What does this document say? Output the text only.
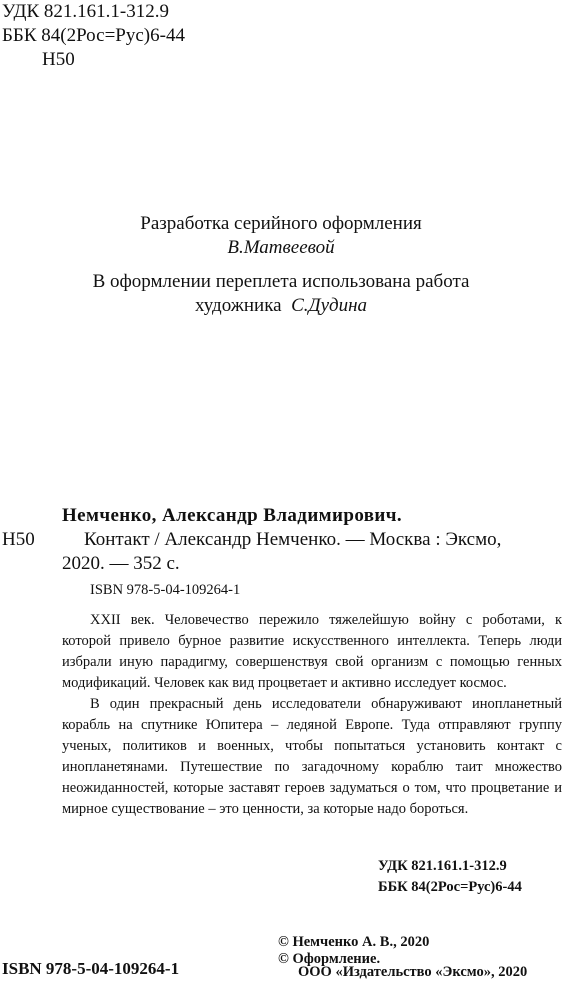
УДК 821.161.1-312.9
ББК 84(2Рос=Рус)6-44
Н50
Разработка серийного оформления
В.Матвеевой
В оформлении переплета использована работа
художника С.Дудина
Немченко, Александр Владимирович.
Н50	Контакт / Александр Немченко. — Москва : Эксмо,
2020. — 352 с.
ISBN 978-5-04-109264-1

XXII век. Человечество пережило тяжелейшую войну с роботами, к которой привело бурное развитие искусственного интеллекта. Теперь люди избрали иную парадигму, совершенствуя свой организм с помощью генных модификаций. Человек как вид процветает и активно исследует космос.

В один прекрасный день исследователи обнаруживают инопланетный корабль на спутнике Юпитера – ледяной Европе. Туда отправляют группу ученых, политиков и военных, чтобы попытаться установить контакт с инопланетянами. Путешествие по загадочному кораблю таит множество неожиданностей, которые заставят героев задуматься о том, что процветание и мирное существование – это ценности, за которые надо бороться.

УДК 821.161.1-312.9
ББК 84(2Рос=Рус)6-44
© Немченко А. В., 2020
© Оформление.
ООО «Издательство «Эксмо», 2020
ISBN 978-5-04-109264-1
